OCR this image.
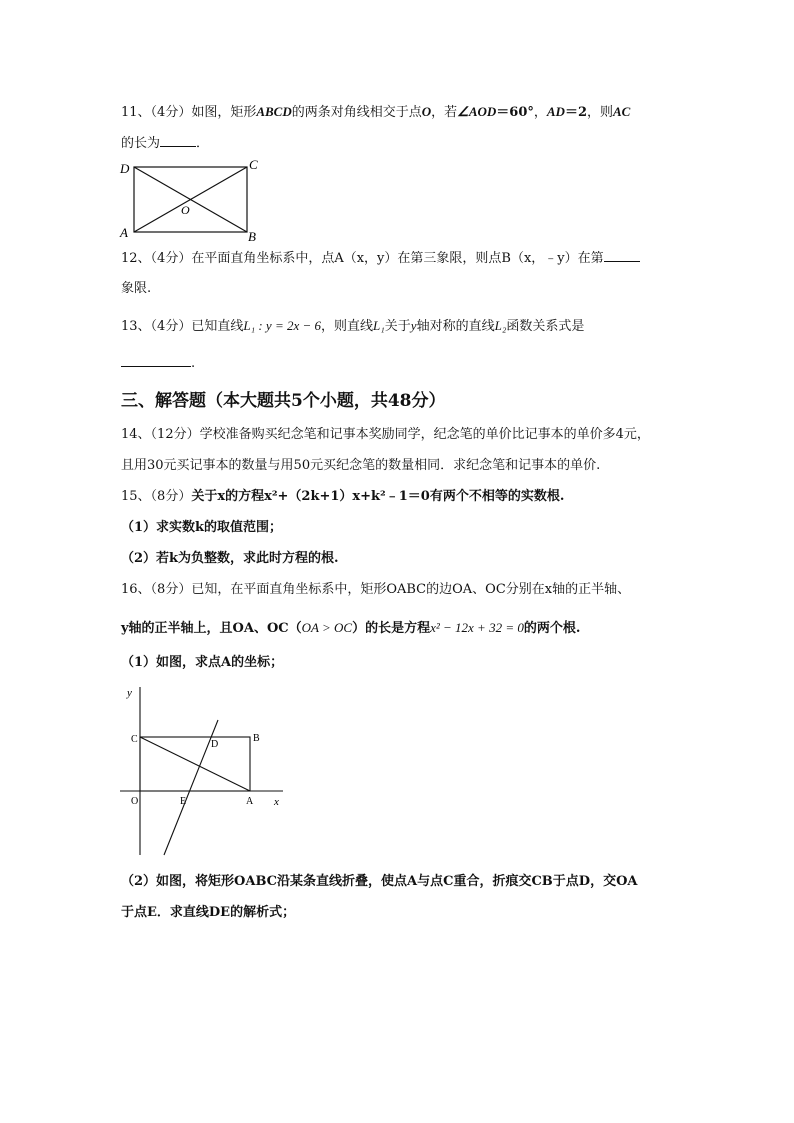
11、（4分）如图，矩形ABCD的两条对角线相交于点O，若∠AOD＝60°，AD＝2，则AC
的长为	．
D	C
O
A	B
12、（4分）在平面直角坐标系中，点A（x，y）在第三象限，则点B（x，﹣y）在第
象限.
13、（4分）已知直线L₁ : y = 2x − 6，则直线L₁关于y轴对称的直线L₂函数关系式是
.
三、解答题（本大题共5个小题，共48分）
14、（12分）学校准备购买纪念笔和记事本奖励同学，纪念笔的单价比记事本的单价多4元，
且用30元买记事本的数量与用50元买纪念笔的数量相同．求纪念笔和记事本的单价.
15、（8分）关于x的方程x²+（2k+1）x+k²﹣1＝0有两个不相等的实数根.
（1）求实数k的取值范围；
（2）若k为负整数，求此时方程的根.
16、（8分）已知，在平面直角坐标系中，矩形OABC的边OA、OC分别在x轴的正半轴、
y轴的正半轴上，且OA、OC（OA > OC）的长是方程x² − 12x + 32 = 0的两个根.
（1）如图，求点A的坐标；
y
C	D
B
O	E	A x
（2）如图，将矩形OABC沿某条直线折叠，使点A与点C重合，折痕交CB于点D，交OA
于点E．求直线DE的解析式；
